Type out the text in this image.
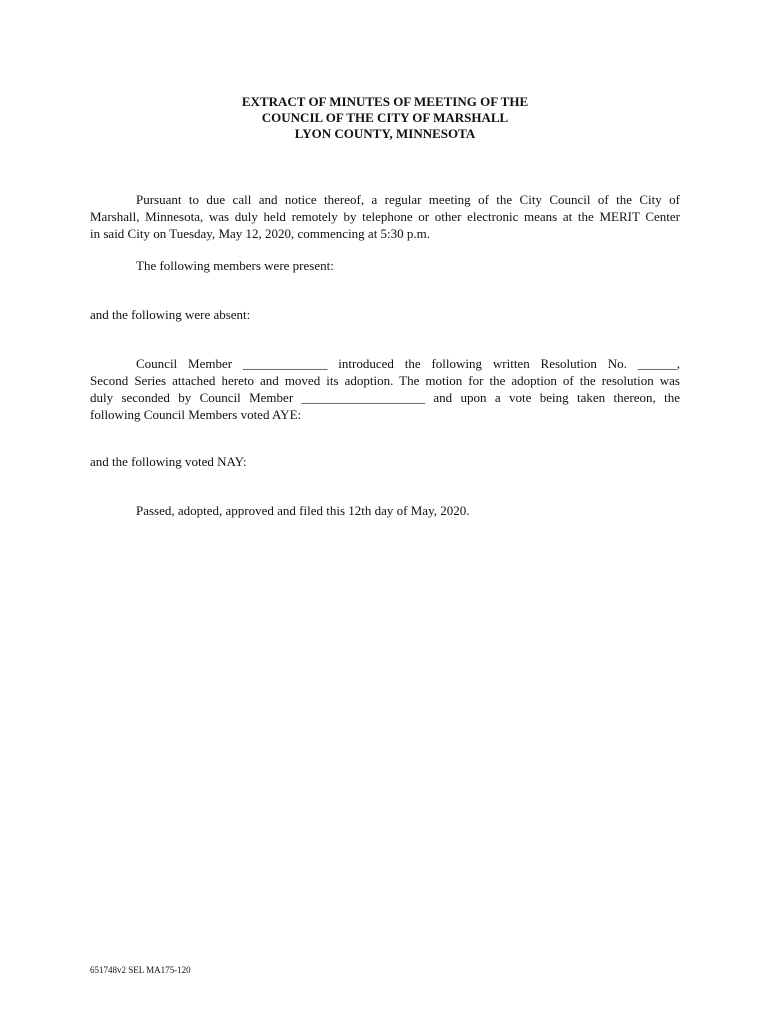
EXTRACT OF MINUTES OF MEETING OF THE
COUNCIL OF THE CITY OF MARSHALL
LYON COUNTY, MINNESOTA
Pursuant to due call and notice thereof, a regular meeting of the City Council of the City of
Marshall, Minnesota, was duly held remotely by telephone or other electronic means at the MERIT Center
in said City on Tuesday, May 12, 2020, commencing at 5:30 p.m.
The following members were present:
and the following were absent:
Council Member _____________ introduced the following written Resolution No. ______,
Second Series attached hereto and moved its adoption. The motion for the adoption of the resolution was
duly seconded by Council Member ___________________ and upon a vote being taken thereon, the
following Council Members voted AYE:
and the following voted NAY:
Passed, adopted, approved and filed this 12th day of May, 2020.
651748v2 SEL MA175-120
